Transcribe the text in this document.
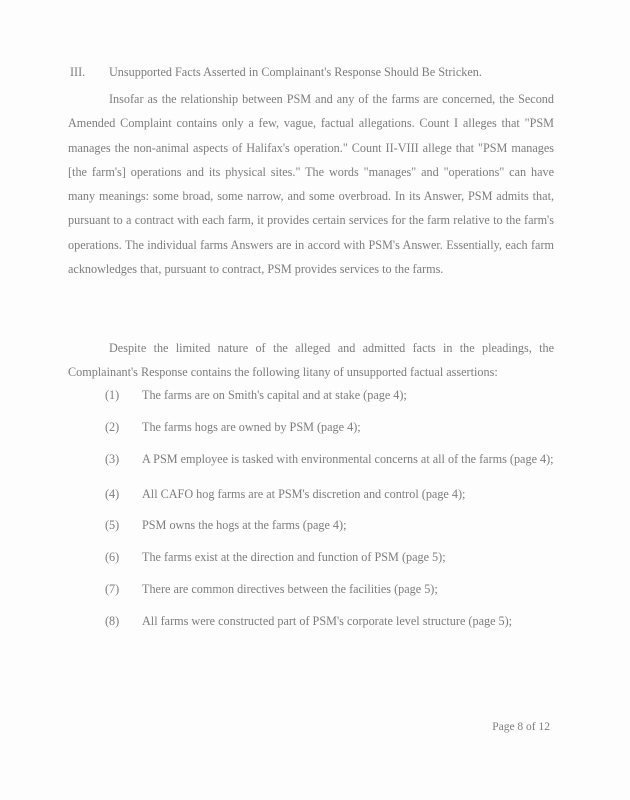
III. Unsupported Facts Asserted in Complainant's Response Should Be Stricken.

Insofar as the relationship between PSM and any of the farms are concerned, the Second Amended Complaint contains only a few, vague, factual allegations. Count I alleges that "PSM manages the non-animal aspects of Halifax's operation." Count II-VIII allege that "PSM manages [the farm's] operations and its physical sites." The words "manages" and "operations" can have many meanings: some broad, some narrow, and some overbroad. In its Answer, PSM admits that, pursuant to a contract with each farm, it provides certain services for the farm relative to the farm's operations. The individual farms Answers are in accord with PSM's Answer. Essentially, each farm acknowledges that, pursuant to contract, PSM provides services to the farms.

Despite the limited nature of the alleged and admitted facts in the pleadings, the Complainant's Response contains the following litany of unsupported factual assertions:

(1)	The farms are on Smith's capital and at stake (page 4);
(2)	The farms hogs are owned by PSM (page 4);
(3)	A PSM employee is tasked with environmental concerns at all of the farms (page 4);
(4)	All CAFO hog farms are at PSM's discretion and control (page 4);
(5)	PSM owns the hogs at the farms (page 4);
(6)	The farms exist at the direction and function of PSM (page 5);
(7)	There are common directives between the facilities (page 5);
(8)	All farms were constructed part of PSM's corporate level structure (page 5);
Page 8 of 12
